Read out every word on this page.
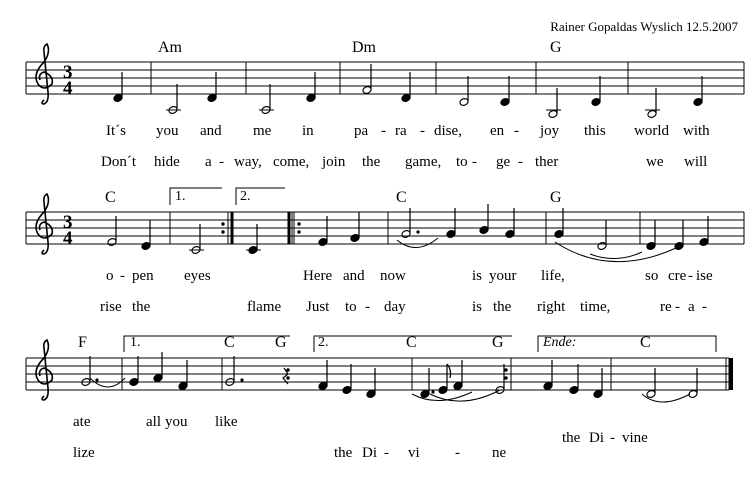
Rainer Gopaldas Wyslich 12.5.2007
Am	Dm	G
C	C	G
F	C	G	C	G	C
1.	2.
1.	2.	Ende:
It´s you and me in	pa - ra - dise, en - joy this world with
Don´t hide a - way, come, join the game, to - ge - ther	we will
o - pen eyes	Here and now	is your life,	so cre - ise
rise the	flame Just to - day	is the right time,	re - a -
ate	all you like
the Di - vine
lize	the Di - vi - ne
3
4
3
4
